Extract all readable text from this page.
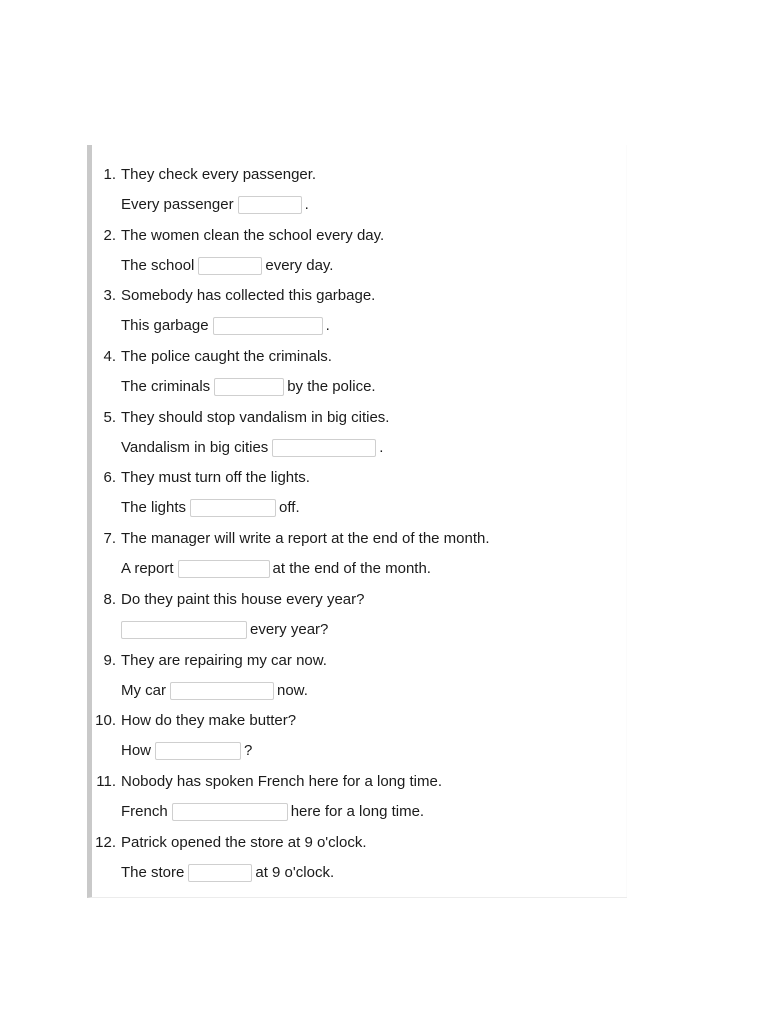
1. They check every passenger.
Every passenger	.
2. The women clean the school every day.
The school	every day.
3. Somebody has collected this garbage.
This garbage	.
4. The police caught the criminals.
The criminals	by the police.
5. They should stop vandalism in big cities.
Vandalism in big cities	.
6. They must turn off the lights.
The lights	off.
7. The manager will write a report at the end of the month.
A report	at the end of the month.
8. Do they paint this house every year?
every year?
9. They are repairing my car now.
My car	now.
10. How do they make butter?
How	?
11. Nobody has spoken French here for a long time.
French	here for a long time.
12. Patrick opened the store at 9 o'clock.
The store	at 9 o'clock.
